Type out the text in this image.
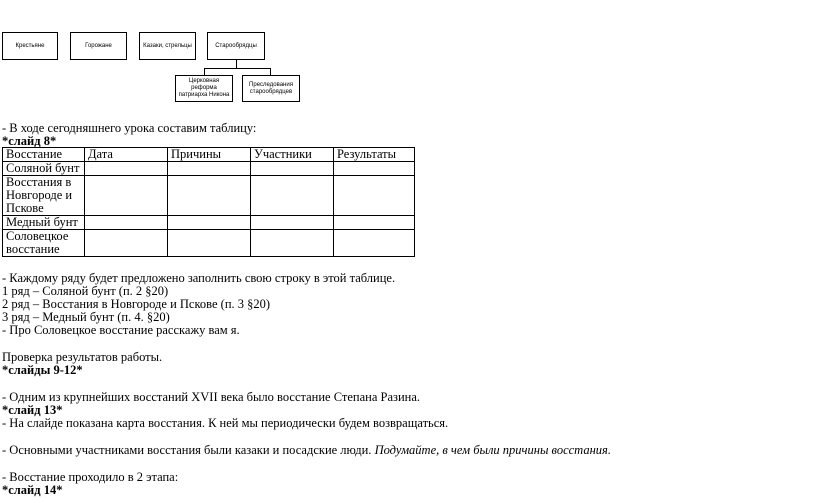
Крестьяне	Горожане	Казаки, стрельцы	Старообрядцы
Церковная реформа патриарха Никона
Преследования старообрядцев
- В ходе сегодняшнего урока составим таблицу:
*слайд 8*
Восстание	Дата	Причины	Участники	Результаты
Соляной бунт				
Восстания в Новгороде и Пскове				
Медный бунт				
Соловецкое восстание				
- Каждому ряду будет предложено заполнить свою строку в этой таблице.
1 ряд – Соляной бунт (п. 2 §20)
2 ряд – Восстания в Новгороде и Пскове (п. 3 §20)
3 ряд – Медный бунт (п. 4. §20)
- Про Соловецкое восстание расскажу вам я.
Проверка результатов работы.
*слайды 9-12*
- Одним из крупнейших восстаний XVII века было восстание Степана Разина.
*слайд 13*
- На слайде показана карта восстания. К ней мы периодически будем возвращаться.
- Основными участниками восстания были казаки и посадские люди. Подумайте, в чем были причины восстания.
- Восстание проходило в 2 этапа:
*слайд 14*
